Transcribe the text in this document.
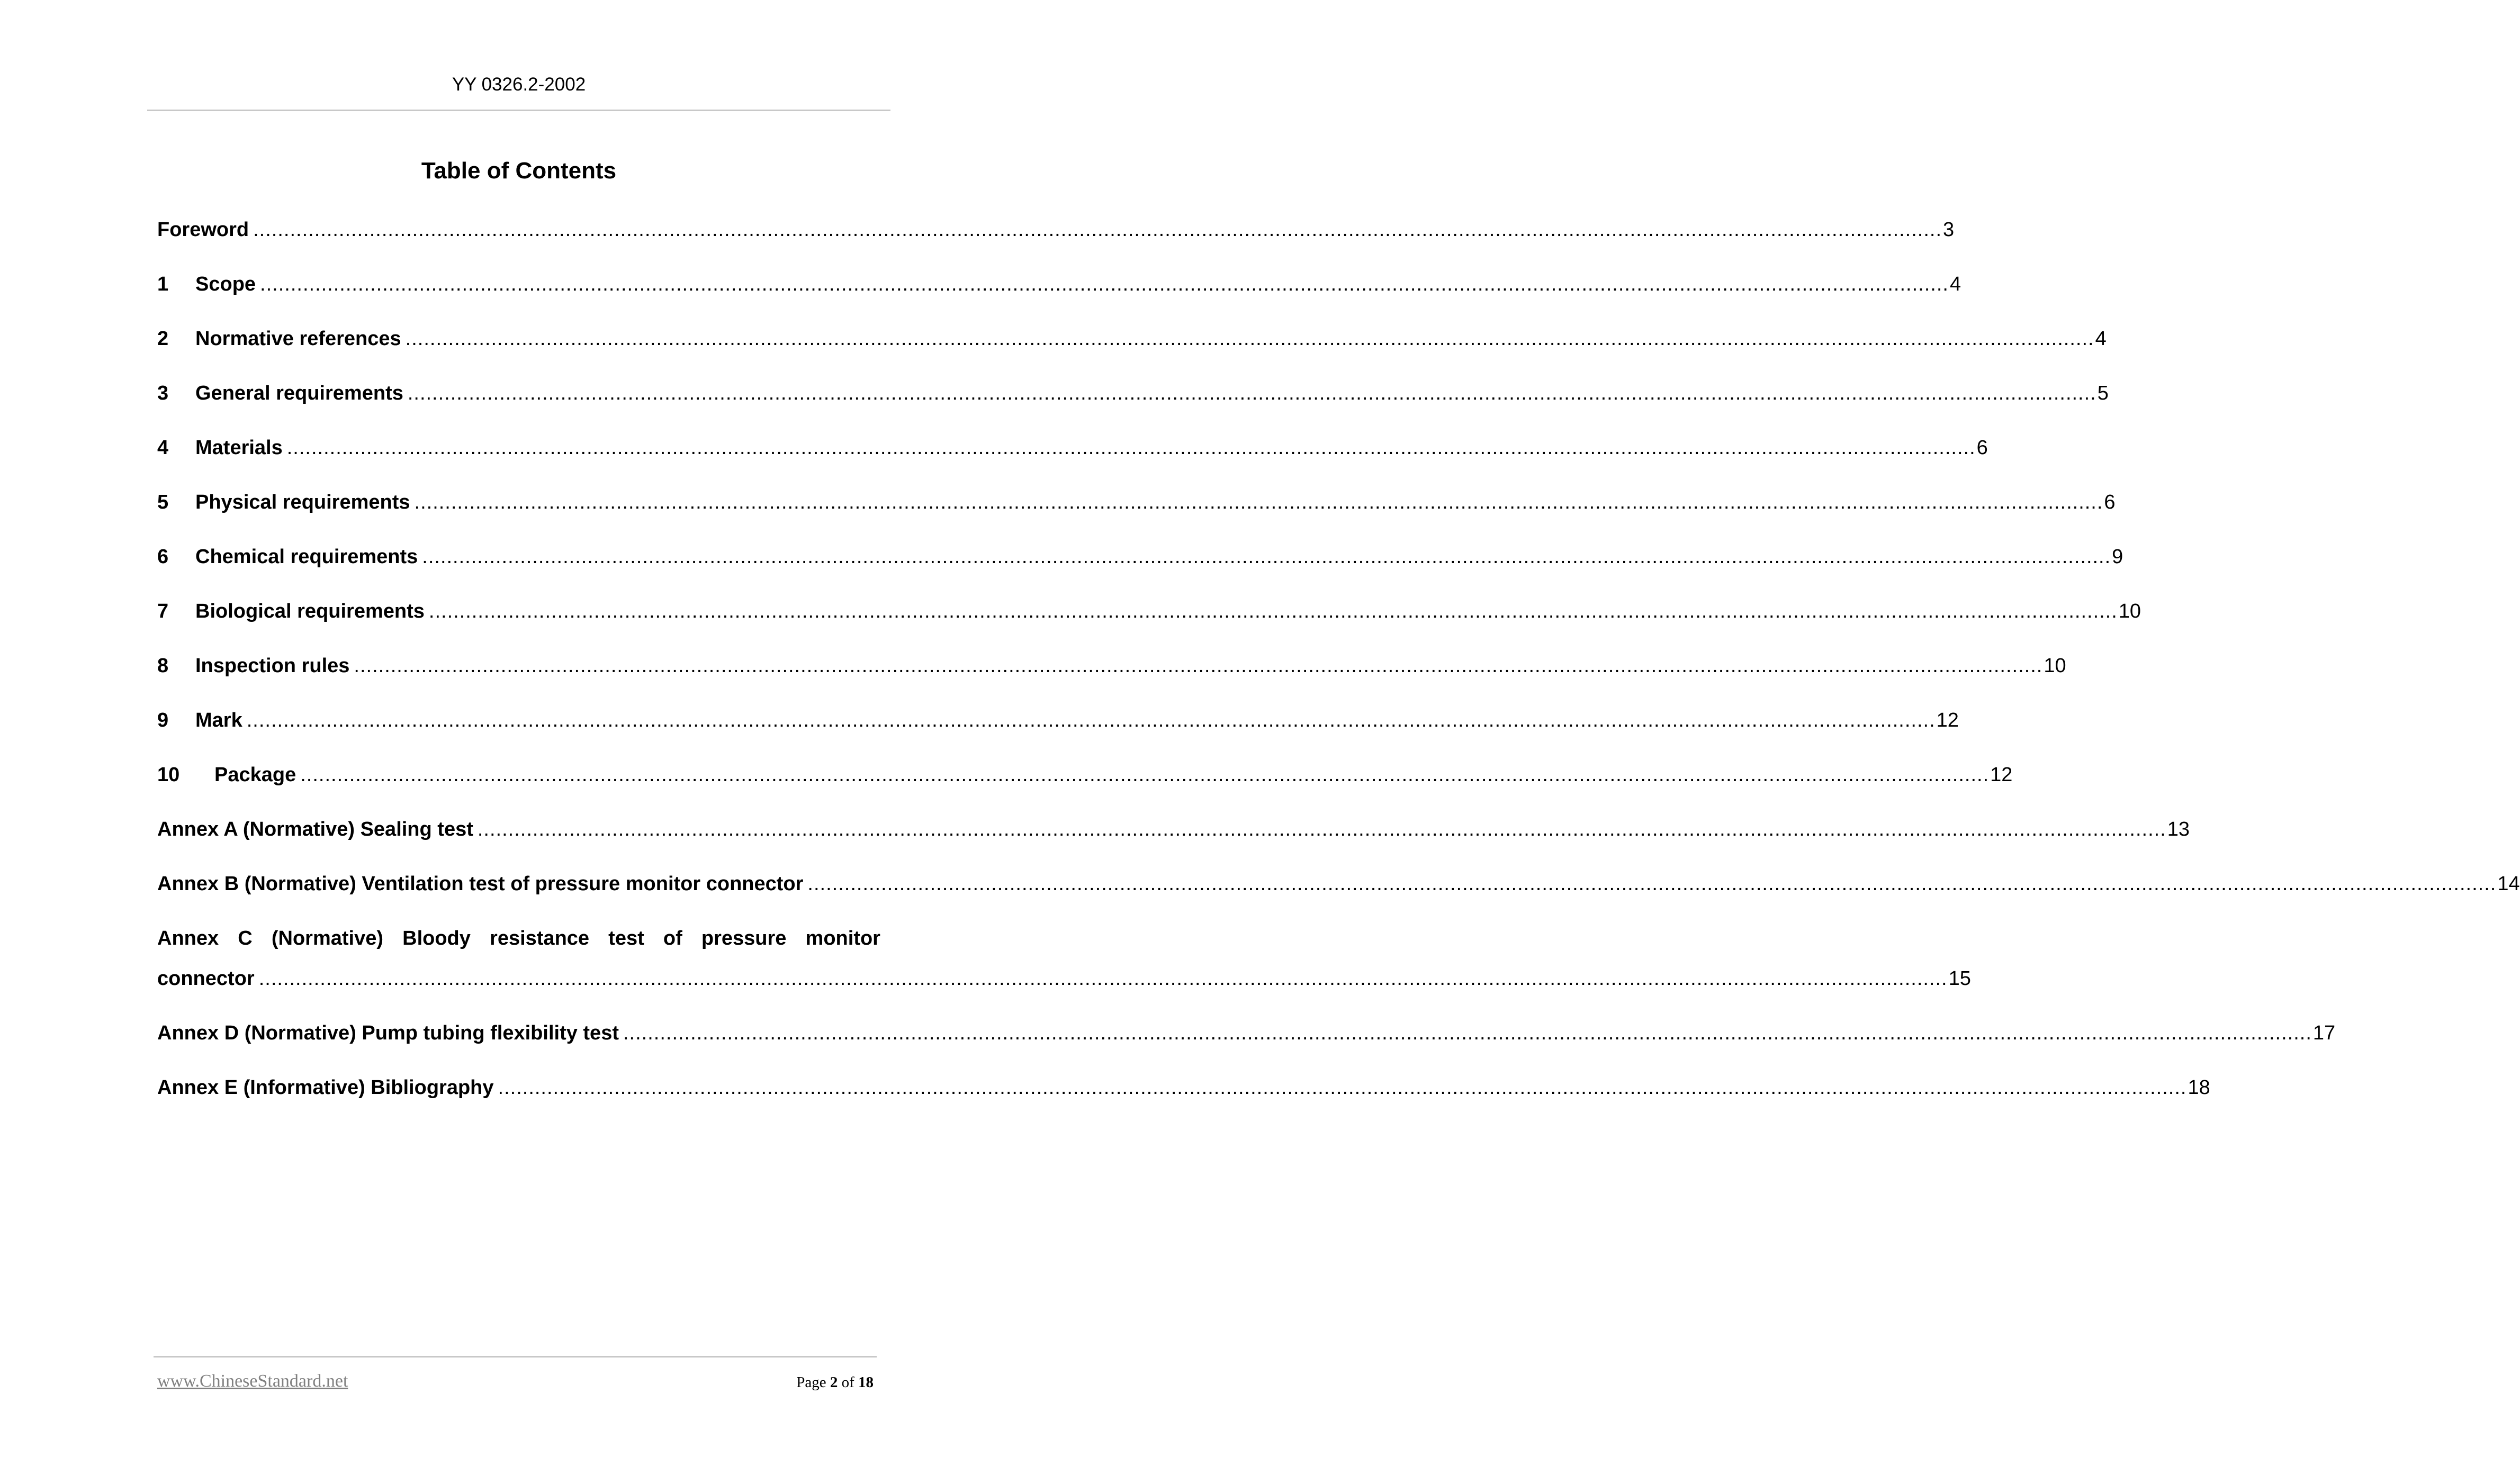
YY 0326.2-2002
Table of Contents
Foreword .................................................................................................................................................................................................................................................................................... 3
1	Scope .................................................................................................................................................................................................................................................................................... 4
2	Normative references .................................................................................................................................................................................................................................................................................... 4
3	General requirements .................................................................................................................................................................................................................................................................................... 5
4	Materials .................................................................................................................................................................................................................................................................................... 6
5	Physical requirements .................................................................................................................................................................................................................................................................................... 6
6	Chemical requirements .................................................................................................................................................................................................................................................................................... 9
7	Biological requirements .................................................................................................................................................................................................................................................................................... 10
8	Inspection rules .................................................................................................................................................................................................................................................................................... 10
9	Mark .................................................................................................................................................................................................................................................................................... 12
10	Package .................................................................................................................................................................................................................................................................................... 12
Annex A (Normative) Sealing test .................................................................................................................................................................................................................................................................................... 13
Annex B (Normative) Ventilation test of pressure monitor connector .................................................................................................................................................................................................................................................................................... 14
Annex C (Normative) Bloody resistance test of pressure monitor
connector .................................................................................................................................................................................................................................................................................... 15
Annex D (Normative) Pump tubing flexibility test .................................................................................................................................................................................................................................................................................... 17
Annex E (Informative) Bibliography .................................................................................................................................................................................................................................................................................... 18
www.ChineseStandard.net	Page 2 of 18
